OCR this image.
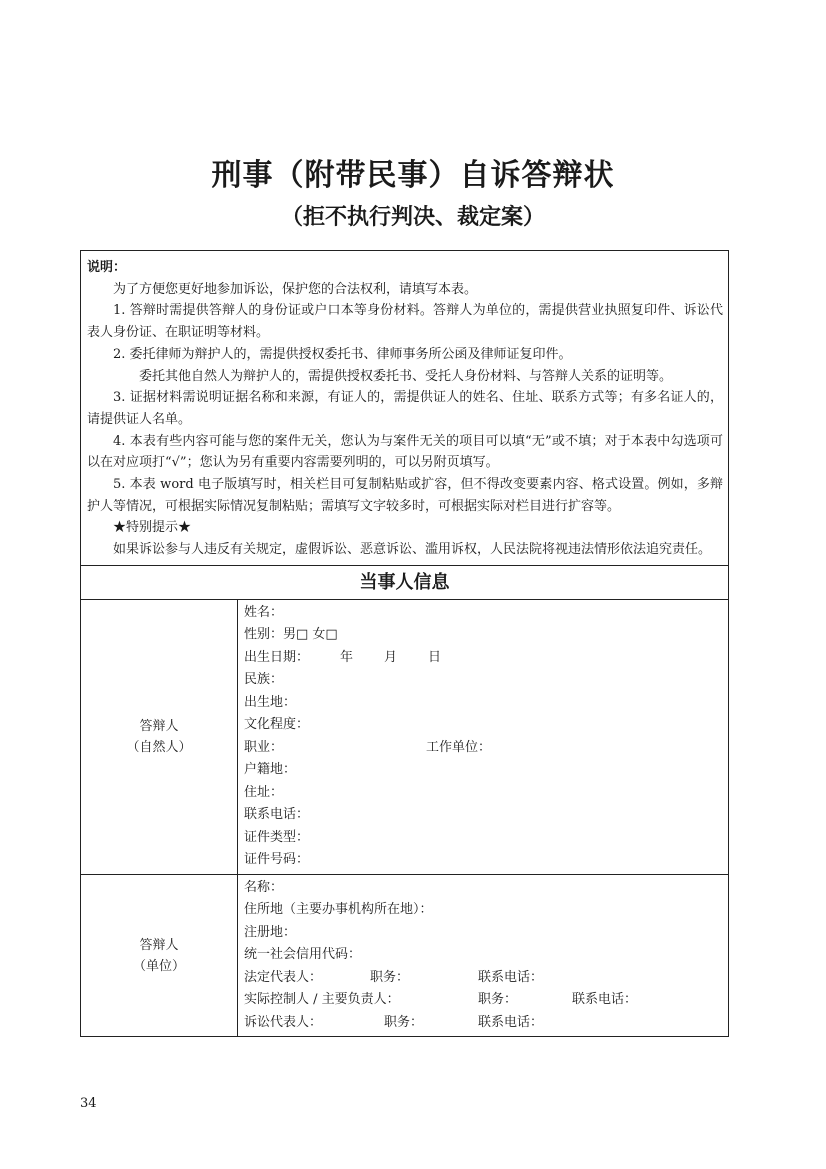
刑事（附带民事）自诉答辩状
（拒不执行判决、裁定案）

说明：

为了方便您更好地参加诉讼，保护您的合法权利，请填写本表。

1. 答辩时需提供答辩人的身份证或户口本等身份材料。答辩人为单位的，需提供营业执照复印件、诉讼代表人身份证、在职证明等材料。

2. 委托律师为辩护人的，需提供授权委托书、律师事务所公函及律师证复印件。

委托其他自然人为辩护人的，需提供授权委托书、受托人身份材料、与答辩人关系的证明等。

3. 证据材料需说明证据名称和来源，有证人的，需提供证人的姓名、住址、联系方式等；有多名证人的，请提供证人名单。

4. 本表有些内容可能与您的案件无关，您认为与案件无关的项目可以填“无”或不填；对于本表中勾选项可以在对应项打“√”；您认为另有重要内容需要列明的，可以另附页填写。

5. 本表 word 电子版填写时，相关栏目可复制粘贴或扩容，但不得改变要素内容、格式设置。例如，多辩护人等情况，可根据实际情况复制粘贴；需填写文字较多时，可根据实际对栏目进行扩容等。

★特别提示★

如果诉讼参与人违反有关规定，虚假诉讼、恶意诉讼、滥用诉权，人民法院将视违法情形依法追究责任。

当事人信息
答辩人
（自然人）
姓名：
性别：男□ 女□
出生日期： 年 月 日
民族：
出生地：
文化程度：
职业：	工作单位：
户籍地：
住址：
联系电话：
证件类型：
证件号码：
答辩人
（单位）
名称：
住所地（主要办事机构所在地）：
注册地：
统一社会信用代码：
法定代表人：	职务：	联系电话：
实际控制人 / 主要负责人：	职务：	联系电话：
诉讼代表人：	职务：	联系电话：
34
